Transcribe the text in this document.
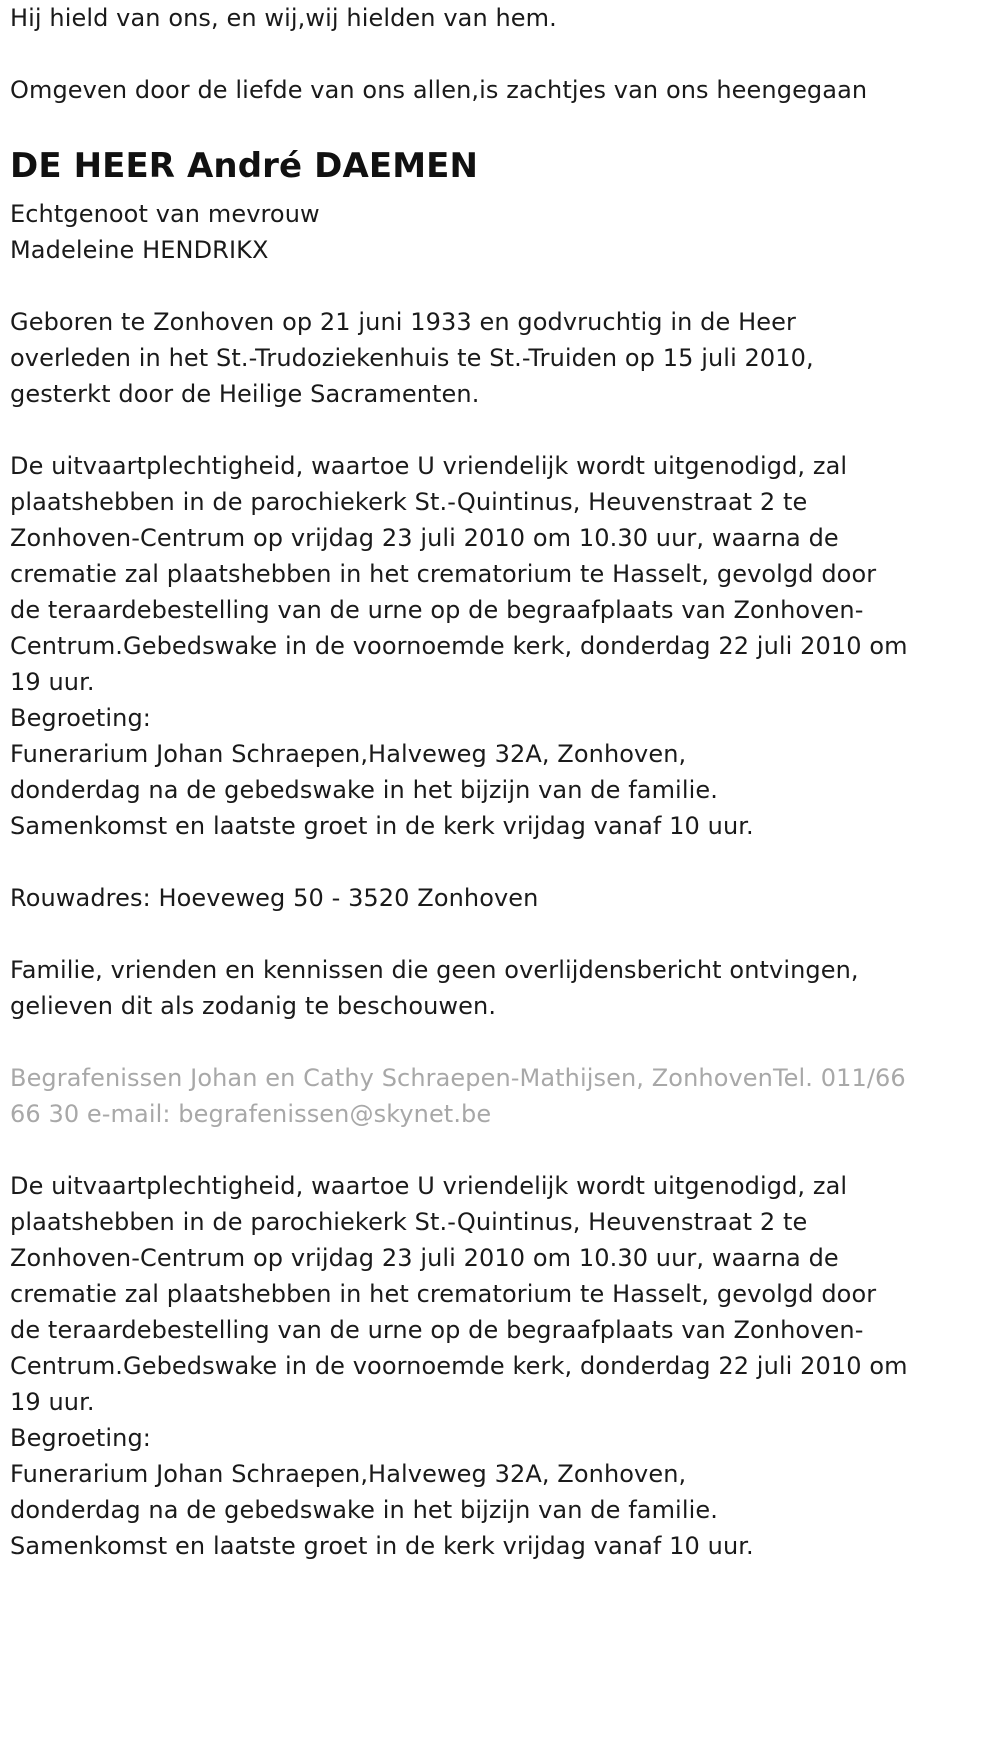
Hij hield van ons, en wij,wij hielden van hem.
Omgeven door de liefde van ons allen,is zachtjes van ons heengegaan
DE HEER André DAEMEN
Echtgenoot van mevrouw
Madeleine HENDRIKX
Geboren te Zonhoven op 21 juni 1933 en godvruchtig in de Heer
overleden in het St.-Trudoziekenhuis te St.-Truiden op 15 juli 2010,
gesterkt door de Heilige Sacramenten.
De uitvaartplechtigheid, waartoe U vriendelijk wordt uitgenodigd, zal
plaatshebben in de parochiekerk St.-Quintinus, Heuvenstraat 2 te
Zonhoven-Centrum op vrijdag 23 juli 2010 om 10.30 uur, waarna de
crematie zal plaatshebben in het crematorium te Hasselt, gevolgd door
de teraardebestelling van de urne op de begraafplaats van Zonhoven-
Centrum.Gebedswake in de voornoemde kerk, donderdag 22 juli 2010 om
19 uur.
Begroeting:
Funerarium Johan Schraepen,Halveweg 32A, Zonhoven,
donderdag na de gebedswake in het bijzijn van de familie.
Samenkomst en laatste groet in de kerk vrijdag vanaf 10 uur.
Rouwadres: Hoeveweg 50 - 3520 Zonhoven
Familie, vrienden en kennissen die geen overlijdensbericht ontvingen,
gelieven dit als zodanig te beschouwen.
Begrafenissen Johan en Cathy Schraepen-Mathijsen, ZonhovenTel. 011/66
66 30 e-mail: begrafenissen@skynet.be
De uitvaartplechtigheid, waartoe U vriendelijk wordt uitgenodigd, zal
plaatshebben in de parochiekerk St.-Quintinus, Heuvenstraat 2 te
Zonhoven-Centrum op vrijdag 23 juli 2010 om 10.30 uur, waarna de
crematie zal plaatshebben in het crematorium te Hasselt, gevolgd door
de teraardebestelling van de urne op de begraafplaats van Zonhoven-
Centrum.Gebedswake in de voornoemde kerk, donderdag 22 juli 2010 om
19 uur.
Begroeting:
Funerarium Johan Schraepen,Halveweg 32A, Zonhoven,
donderdag na de gebedswake in het bijzijn van de familie.
Samenkomst en laatste groet in de kerk vrijdag vanaf 10 uur.
